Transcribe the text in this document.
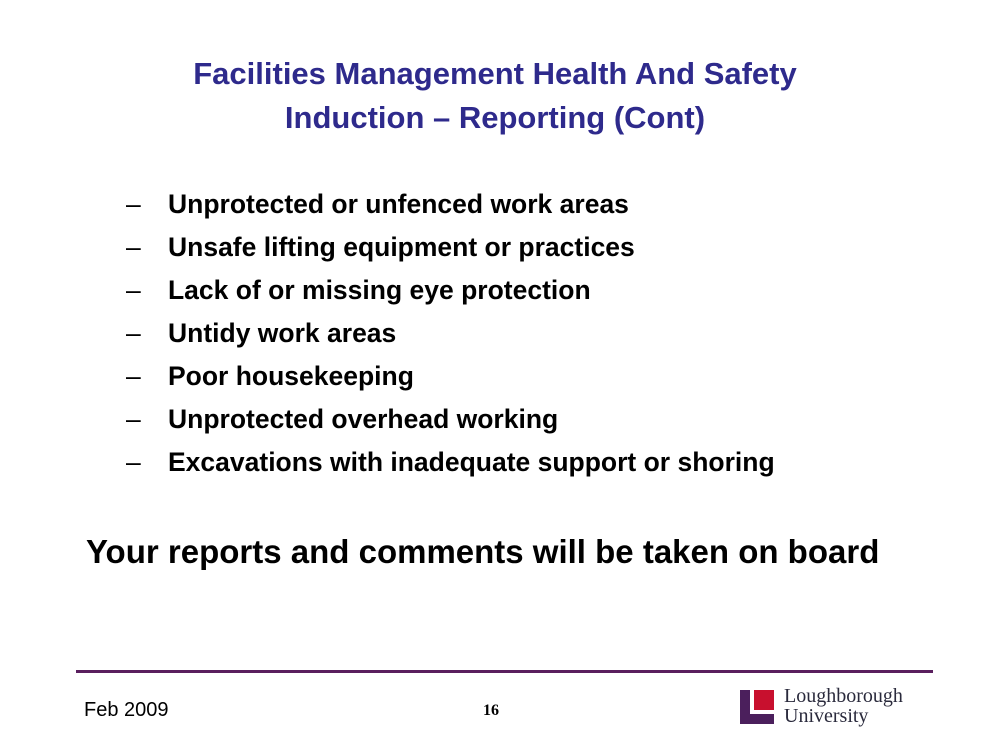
Facilities Management Health And Safety
Induction – Reporting (Cont)
–	Unprotected or unfenced work areas
–	Unsafe lifting equipment or practices
–	Lack of or missing eye protection
–	Untidy work areas
–	Poor housekeeping
–	Unprotected overhead working
–	Excavations with inadequate support or shoring
Your reports and comments will be taken on board
Feb 2009	16
Loughborough
University
